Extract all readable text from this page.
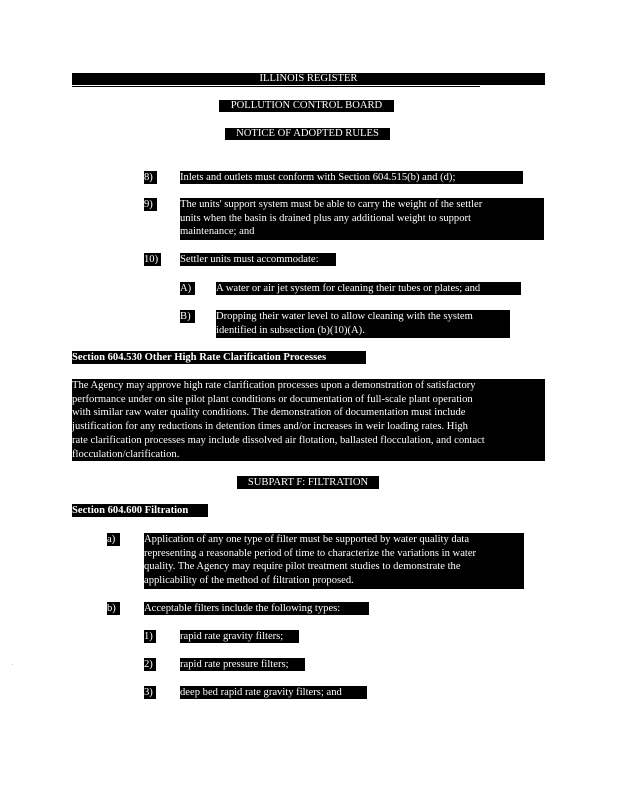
ILLINOIS REGISTER
POLLUTION CONTROL BOARD
NOTICE OF ADOPTED RULES
8)	Inlets and outlets must conform with Section 604.515(b) and (d);
9)	The units' support system must be able to carry the weight of the settler
units when the basin is drained plus any additional weight to support
maintenance; and
10) Settler units must accommodate:
A)	A water or air jet system for cleaning their tubes or plates; and
B)	Dropping their water level to allow cleaning with the system
identified in subsection (b)(10)(A).
Section 604.530 Other High Rate Clarification Processes
The Agency may approve high rate clarification processes upon a demonstration of satisfactory
performance under on site pilot plant conditions or documentation of full-scale plant operation
with similar raw water quality conditions. The demonstration of documentation must include
justification for any reductions in detention times and/or increases in weir loading rates. High
rate clarification processes may include dissolved air flotation, ballasted flocculation, and contact
flocculation/clarification.
SUBPART F: FILTRATION
Section 604.600 Filtration
a)	Application of any one type of filter must be supported by water quality data
representing a reasonable period of time to characterize the variations in water
quality. The Agency may require pilot treatment studies to demonstrate the
applicability of the method of filtration proposed.
b)	Acceptable filters include the following types:
1)	rapid rate gravity filters;
2)	rapid rate pressure filters;
3)	deep bed rapid rate gravity filters; and
